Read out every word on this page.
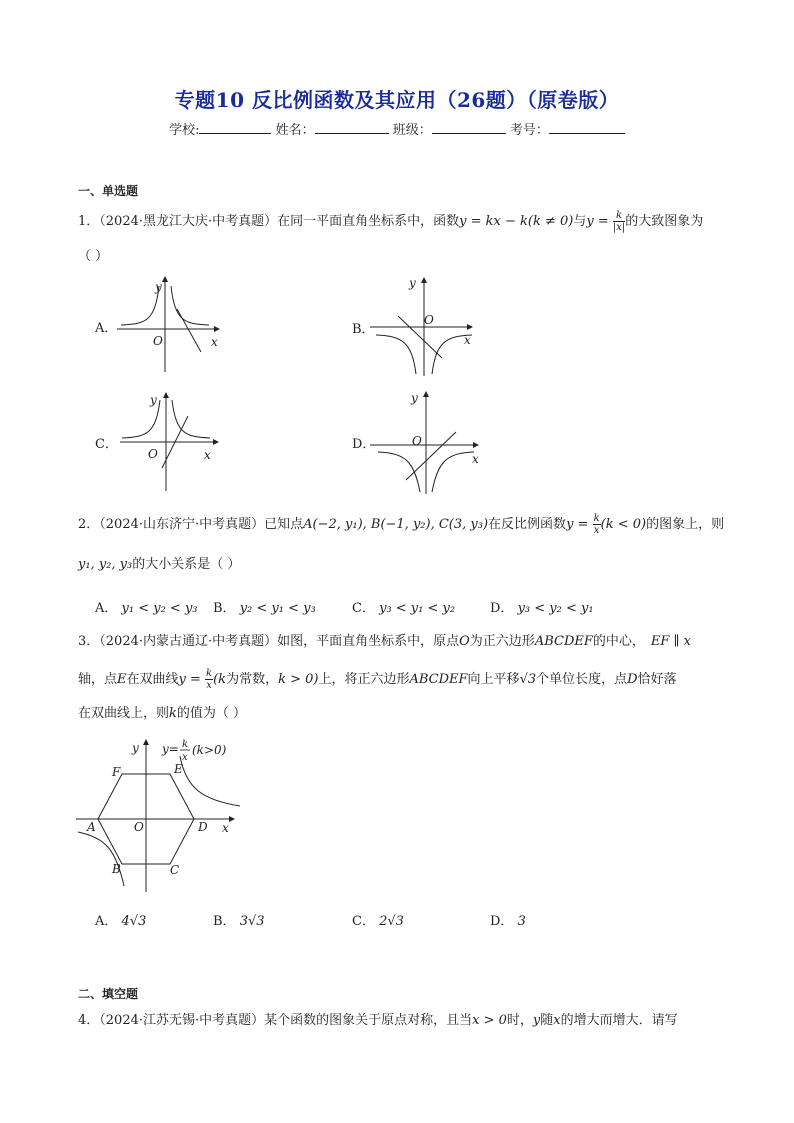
专题10 反比例函数及其应用（26题）（原卷版）
学校:	姓名：	班级：	考号：
一、单选题
1．（2024·黑龙江大庆·中考真题）在同一平面直角坐标系中，函数y = kx − k(k ≠ 0)与$y = \frac{k}{|x|}$ 的大致图象为
（ ）
A．	B．
C．	D．
x
y
O	x
y
O
x
y
O	x
y
O
2．（2024·山东济宁·中考真题）已知点A(−2, y₁), B(−1, y₂), C(3, y₃)在反比例函数$y = \frac{k}{x} (k < 0)$的图象上，则
y₁, y₂, y₃的大小关系是（ ）
A． y₁ < y₂ < y₃ B． y₂ < y₁ < y₃	C． y₃ < y₁ < y₂	D． y₃ < y₂ < y₁
3．（2024·内蒙古通辽·中考真题）如图，平面直角坐标系中，原点O为正六边形ABCDEF的中心， EF ∥ x
轴，点E在双曲线$y = \frac{k}{x} (k$为常数，k > 0)上，将正六边形ABCDEF向上平移√3个单位长度，点D恰好落
在双曲线上，则k的值为（ ）
y
x
y= k
x
(k>0)
A
B	C
D
E
F
O
A． 4√3	B． 3√3	C． 2√3	D． 3
二、填空题
4．（2024·江苏无锡·中考真题）某个函数的图象关于原点对称，且当x > 0时，y随x的增大而增大．请写
